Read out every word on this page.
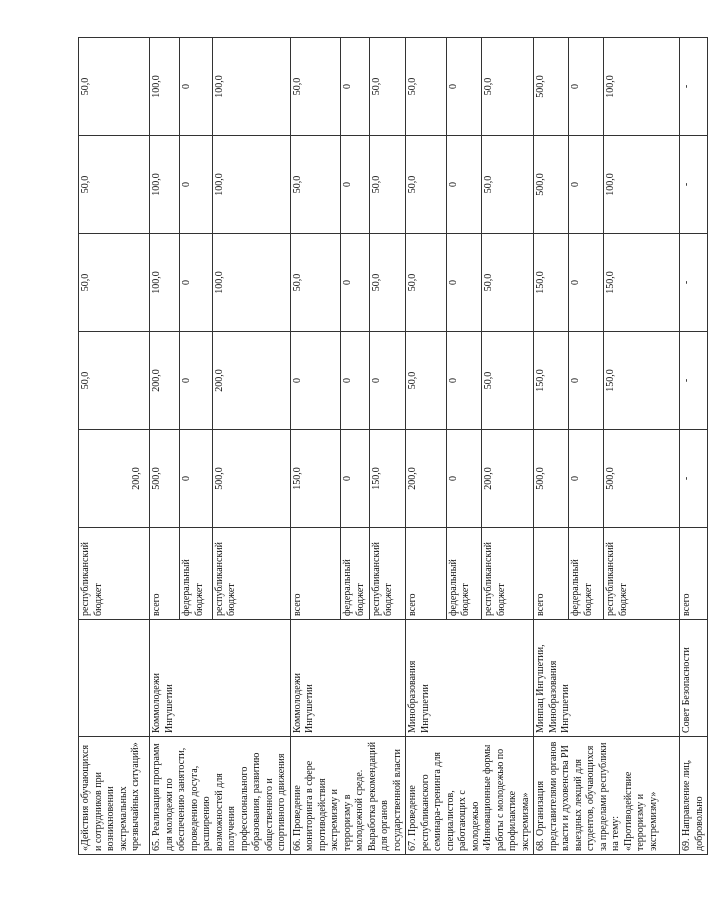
«Действия обучающихся и сотрудников при возникновении экстремальных чрезвычайных ситуаций»		республиканский бюджет	200,0	50,0	50,0	50,0	50,0
65. Реализация программ для молодежи по обеспечению занятости, проведению досуга, расширению возможностей для получения профессионального образования, развитию общественного и спортивного движения	Коммолодежи Ингушетии	всего	500,0	200,0	100,0	100,0	100,0
		федеральный бюджет	0	0	0	0	0
		республиканский бюджет	500,0	200,0	100,0	100,0	100,0
66. Проведение мониторинга в сфере противодействия экстремизму и терроризму в молодежной среде. Выработка рекомендаций для органов государственной власти	Коммолодежи Ингушетии	всего	150,0	0	50,0	50,0	50,0
		федеральный бюджет	0	0	0	0	0
		республиканский бюджет	150,0	0	50,0	50,0	50,0
67. Проведение республиканского семинара-тренинга для специалистов, работающих с молодежью «Инновационные формы работы с молодежью по профилактике экстремизма»	Минобразования Ингушетии	всего	200,0	50,0	50,0	50,0	50,0
		федеральный бюджет	0	0	0	0	0
		республиканский бюджет	200,0	50,0	50,0	50,0	50,0
68. Организация представителями органов власти и духовенства РИ выездных лекций для студентов, обучающихся за пределами республики на тему: «Противодействие терроризму и экстремизму»	Минпац Ингушетии, Минобразования Ингушетии	всего	500,0	150,0	150,0	500,0	500,0
		федеральный бюджет	0	0	0	0	0
		республиканский бюджет	500,0	150,0	150,0	100,0	100,0
69. Направление лиц, добровольно	Совет Безопасности	всего	-	-	-	-	-
